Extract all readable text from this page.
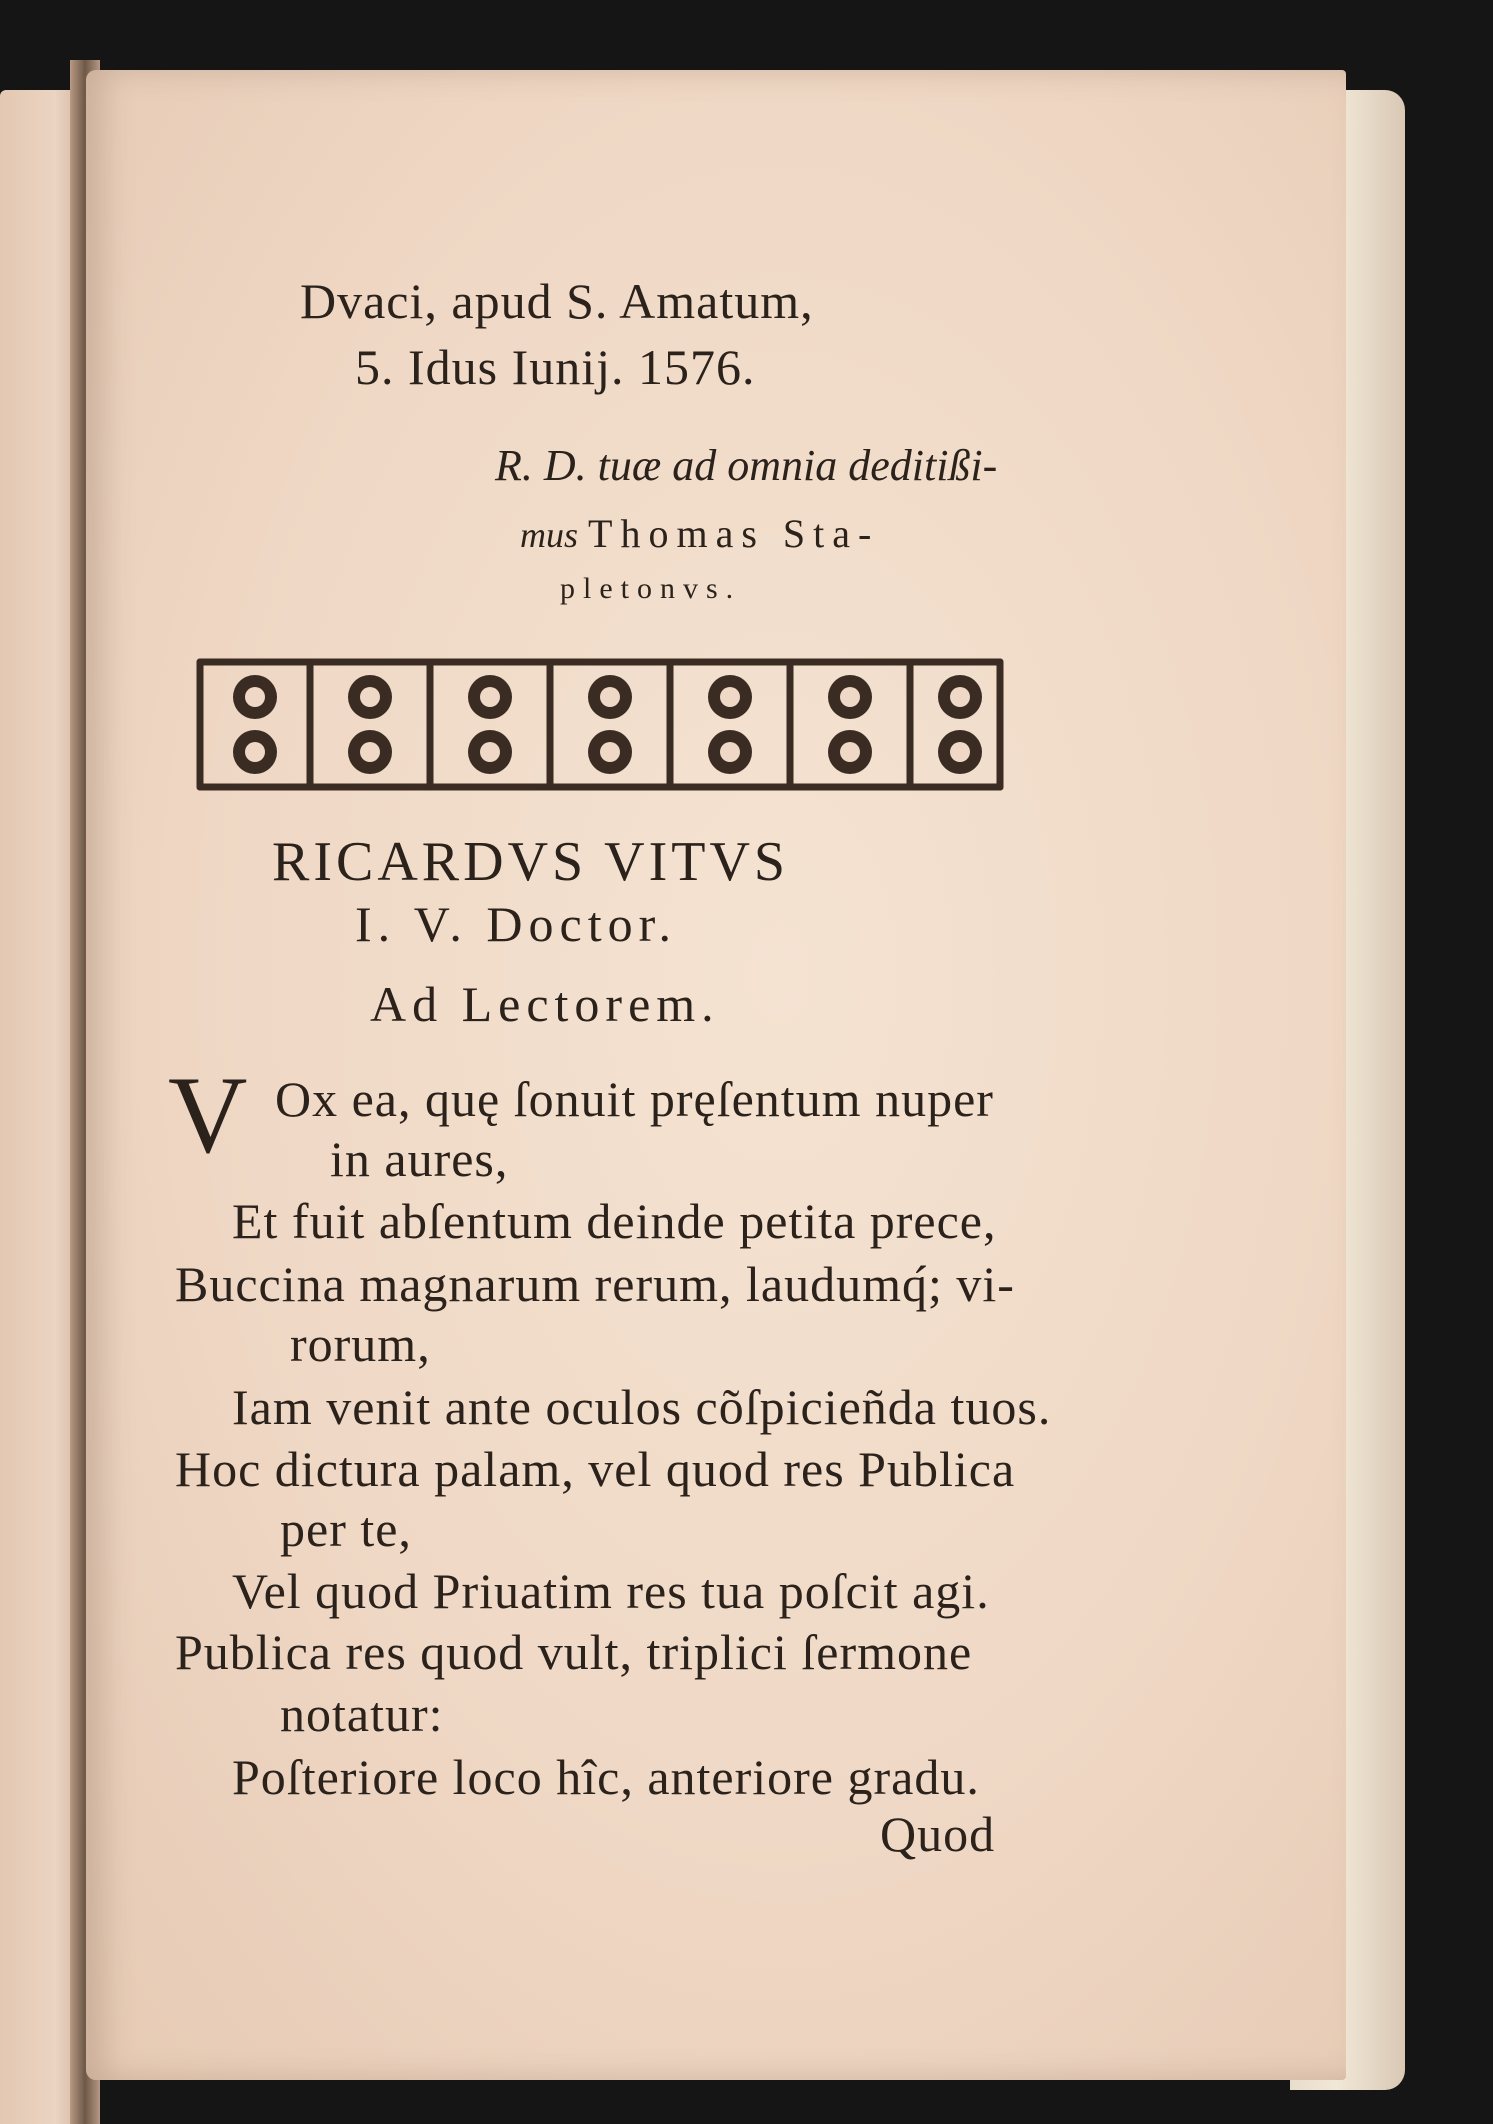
Dvaci, apud S. Amatum,
5. Idus Iunij. 1576.
R. D. tuæ ad omnia deditißi-
mus Thomas Sta-
pletonvs.
RICARDVS VITVS
I. V. Doctor.
Ad Lectorem.
V Ox ea, quę ſonuit pręſentum nuper
in aures,
Et fuit abſentum deinde petita prece,
Buccina magnarum rerum, laudumq́; vi-
rorum,
Iam venit ante oculos cõſpicieñda tuos.
Hoc dictura palam, vel quod res Publica
per te,
Vel quod Priuatim res tua poſcit agi.
Publica res quod vult, triplici ſermone
notatur:
Poſteriore loco hîc, anteriore gradu.
Quod
